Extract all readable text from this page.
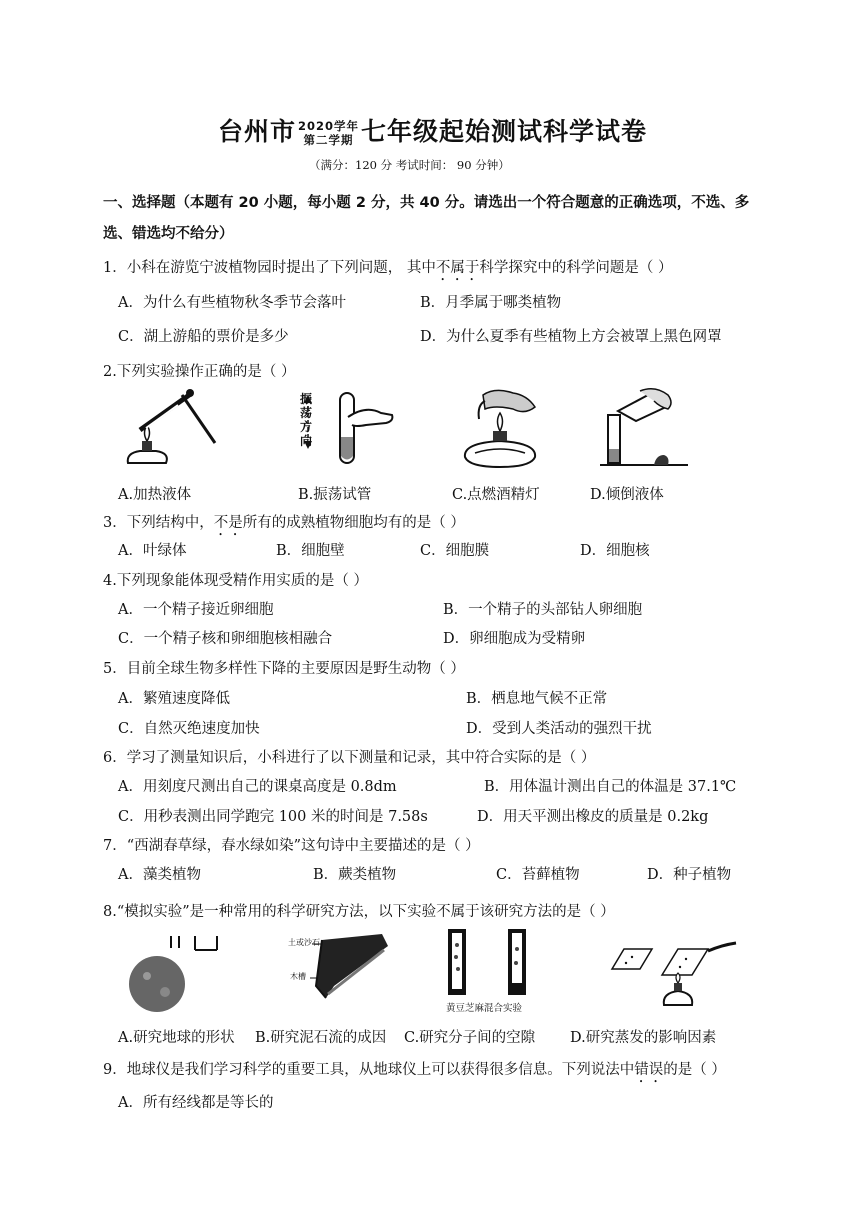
台州市 2020学年
第二学期 七年级起始测试科学试卷
（满分：120 分 考试时间： 90 分钟）
一、选择题（本题有 20 小题，每小题 2 分，共 40 分。请选出一个符合题意的正确选项，不选、多
选、错选均不给分）
1．小科在游览宁波植物园时提出了下列问题， 其中不属于科学探究中的科学问题是（ ）
A．为什么有些植物秋冬季节会落叶	B．月季属于哪类植物
C．湖上游船的票价是多少	D．为什么夏季有些植物上方会被罩上黑色网罩
2.下列实验操作正确的是（ ）
振荡方向
A.加热液体	B.振荡试管	C.点燃酒精灯	D.倾倒液体
3．下列结构中，不是所有的成熟植物细胞均有的是（ ）
A．叶绿体	B．细胞壁	C．细胞膜	D．细胞核
4.下列现象能体现受精作用实质的是（ ）
A．一个精子接近卵细胞	B．一个精子的头部钻人卵细胞
C．一个精子核和卵细胞核相融合	D．卵细胞成为受精卵
5．目前全球生物多样性下降的主要原因是野生动物（ ）
A．繁殖速度降低	B．栖息地气候不正常
C．自然灭绝速度加快	D．受到人类活动的强烈干扰
6．学习了测量知识后，小科进行了以下测量和记录，其中符合实际的是（ ）
A．用刻度尺测出自己的课桌高度是 0.8dm	B．用体温计测出自己的体温是 37.1℃
C．用秒表测出同学跑完 100 米的时间是 7.58s	D．用天平测出橡皮的质量是 0.2kg
7．“西湖春草绿，春水绿如染”这句诗中主要描述的是（ ）
A．藻类植物	B．蕨类植物	C．苔藓植物	D．种子植物
8.“模拟实验”是一种常用的科学研究方法，以下实验不属于该研究方法的是（ ）
土或沙石
木槽
黄豆芝麻混合实验
A.研究地球的形状 B.研究泥石流的成因 C.研究分子间的空隙 D.研究蒸发的影响因素
9．地球仪是我们学习科学的重要工具，从地球仪上可以获得很多信息。下列说法中错误的是（ ）
A．所有经线都是等长的
